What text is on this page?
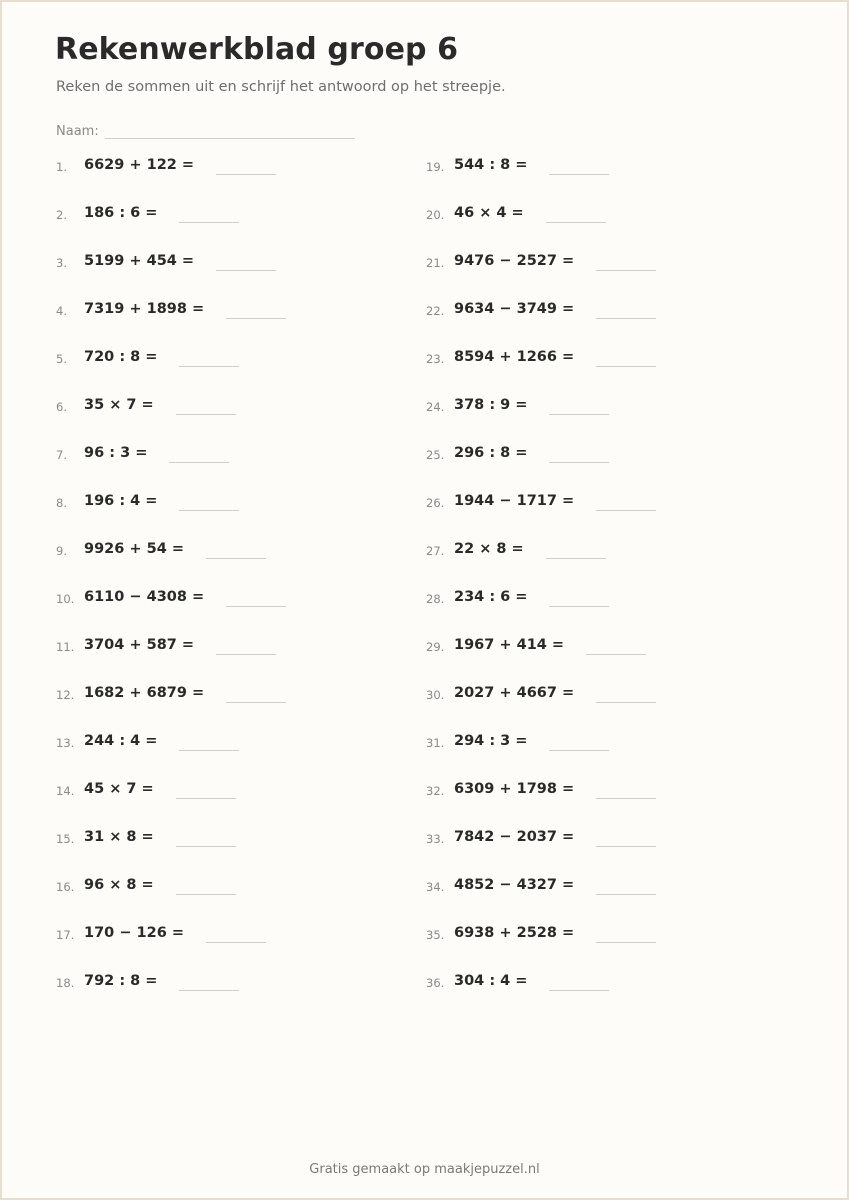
Rekenwerkblad groep 6

Reken de sommen uit en schrijf het antwoord op het streepje.

Naam:
1.	6629 + 122 =
2.	186 : 6 =
3.	5199 + 454 =
4.	7319 + 1898 =
5.	720 : 8 =
6.	35 × 7 =
7.	96 : 3 =
8.	196 : 4 =
9.	9926 + 54 =
10. 6110 − 4308 =
11. 3704 + 587 =
12. 1682 + 6879 =
13. 244 : 4 =
14. 45 × 7 =
15. 31 × 8 =
16. 96 × 8 =
17. 170 − 126 =
18. 792 : 8 =
19. 544 : 8 =
20. 46 × 4 =
21. 9476 − 2527 =
22. 9634 − 3749 =
23. 8594 + 1266 =
24. 378 : 9 =
25. 296 : 8 =
26. 1944 − 1717 =
27. 22 × 8 =
28. 234 : 6 =
29. 1967 + 414 =
30. 2027 + 4667 =
31. 294 : 3 =
32. 6309 + 1798 =
33. 7842 − 2037 =
34. 4852 − 4327 =
35. 6938 + 2528 =
36. 304 : 4 =
Gratis gemaakt op maakjepuzzel.nl
